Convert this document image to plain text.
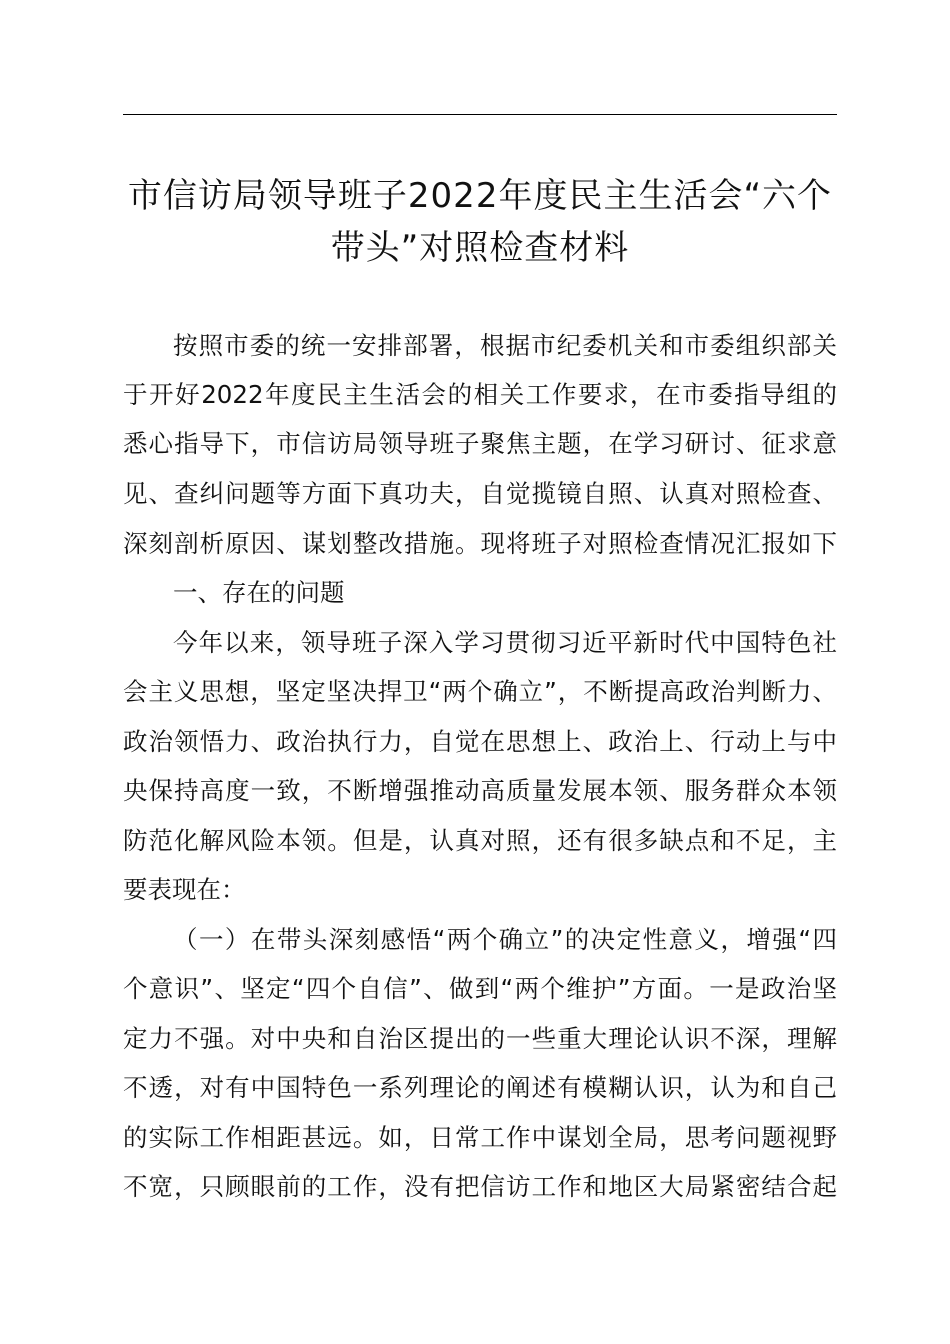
市信访局领导班子2022年度民主生活会“六个
带头”对照检查材料
按照市委的统一安排部署，根据市纪委机关和市委组织部关
于开好2022年度民主生活会的相关工作要求，在市委指导组的
悉心指导下，市信访局领导班子聚焦主题，在学习研讨、征求意
见、查纠问题等方面下真功夫，自觉揽镜自照、认真对照检查、
深刻剖析原因、谋划整改措施。现将班子对照检查情况汇报如下
一、存在的问题
今年以来，领导班子深入学习贯彻习近平新时代中国特色社
会主义思想，坚定坚决捍卫“两个确立”，不断提高政治判断力、
政治领悟力、政治执行力，自觉在思想上、政治上、行动上与中
央保持高度一致，不断增强推动高质量发展本领、服务群众本领
防范化解风险本领。但是，认真对照，还有很多缺点和不足，主
要表现在：
（一）在带头深刻感悟“两个确立”的决定性意义，增强“四
个意识”、坚定“四个自信”、做到“两个维护”方面。一是政治坚
定力不强。对中央和自治区提出的一些重大理论认识不深，理解
不透，对有中国特色一系列理论的阐述有模糊认识，认为和自己
的实际工作相距甚远。如，日常工作中谋划全局，思考问题视野
不宽，只顾眼前的工作，没有把信访工作和地区大局紧密结合起
